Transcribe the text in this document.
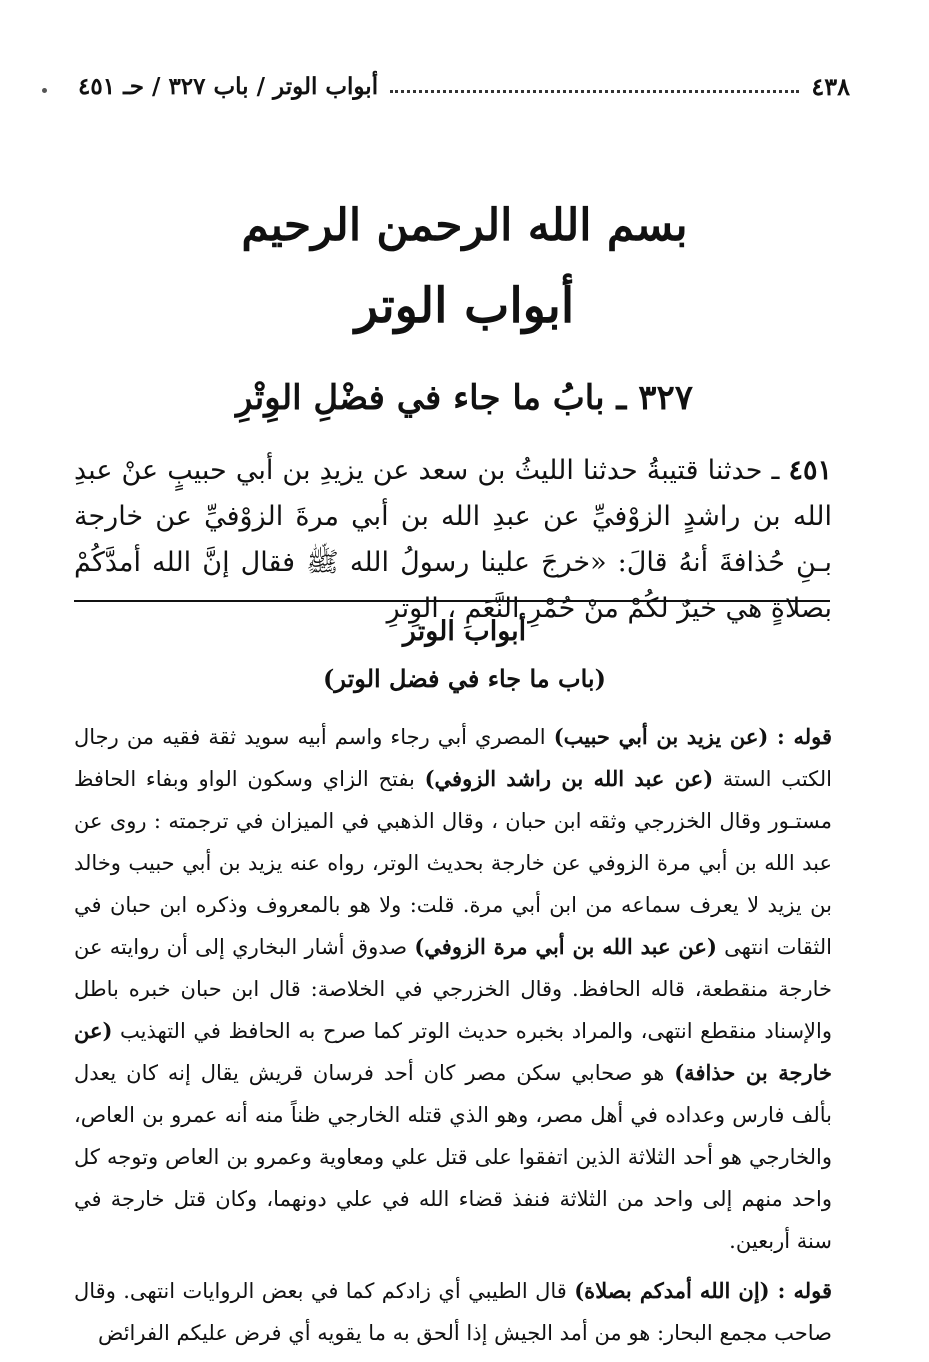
٤٣٨
أبواب الوتر / باب ٣٢٧ / حـ ٤٥١
بسم الله الرحمن الرحيم
أبواب الوتر
٣٢٧ ـ بابُ ما جاء في فضْلِ الوِتْرِ
٤٥١ ـ حدثنا قتيبةُ حدثنا الليثُ بن سعد عن يزيدِ بن أبي حبيبٍ عنْ عبدِ الله بن راشدٍ الزوْفيِّ عن عبدِ الله بن أبي مرةَ الزوْفيِّ عن خارجة بـنِ حُذافةَ أنهُ قالَ: «خرجَ علينا رسولُ الله ﷺ فقال إنَّ الله أمدَّكُمْ بصلاةٍ هي خيرٌ لكُمْ منْ حُمْرِ النَّعَمِ ، الوِترِ
أبواب الوتر
(باب ما جاء في فضل الوتر)

قوله : (عن يزيد بن أبي حبيب) المصري أبي رجاء واسم أبيه سويد ثقة فقيه من رجال الكتب الستة (عن عبد الله بن راشد الزوفي) بفتح الزاي وسكون الواو وبفاء الحافظ مستـور وقال الخزرجي وثقه ابن حبان ، وقال الذهبي في الميزان في ترجمته : روى عن عبد الله بن أبي مرة الزوفي عن خارجة بحديث الوتر، رواه عنه يزيد بن أبي حبيب وخالد بن يزيد لا يعرف سماعه من ابن أبي مرة. قلت: ولا هو بالمعروف وذكره ابن حبان في الثقات انتهى (عن عبد الله بن أبي مرة الزوفي) صدوق أشار البخاري إلى أن روايته عن خارجة منقطعة، قاله الحافظ. وقال الخزرجي في الخلاصة: قال ابن حبان خبره باطل والإسناد منقطع انتهى، والمراد بخبره حديث الوتر كما صرح به الحافظ في التهذيب (عن خارجة بن حذافة) هو صحابي سكن مصر كان أحد فرسان قريش يقال إنه كان يعدل بألف فارس وعداده في أهل مصر، وهو الذي قتله الخارجي ظناً منه أنه عمرو بن العاص، والخارجي هو أحد الثلاثة الذين اتفقوا على قتل علي ومعاوية وعمرو بن العاص وتوجه كل واحد منهم إلى واحد من الثلاثة فنفذ قضاء الله في علي دونهما، وكان قتل خارجة في سنة أربعين.

قوله : (إن الله أمدكم بصلاة) قال الطيبي أي زادكم كما في بعض الروايات انتهى. وقال صاحب مجمع البحار: هو من أمد الجيش إذا ألحق به ما يقويه أي فرض عليكم الفرائض
